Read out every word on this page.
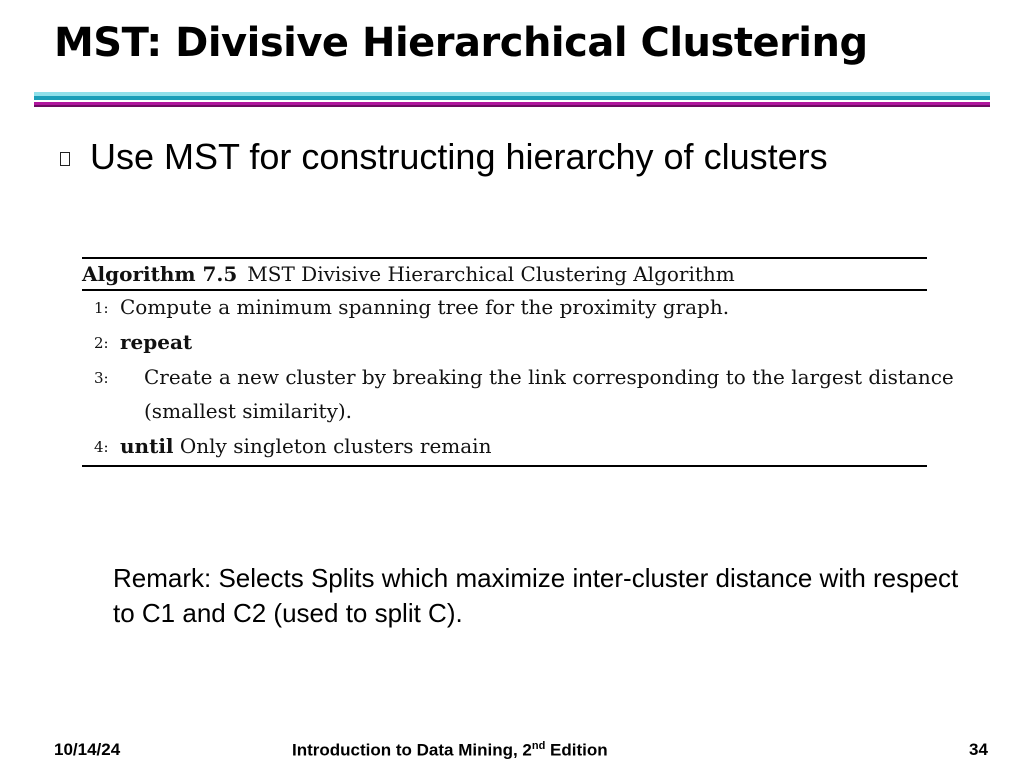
MST: Divisive Hierarchical Clustering
Use MST for constructing hierarchy of clusters
Algorithm 7.5 MST Divisive Hierarchical Clustering Algorithm
1: Compute a minimum spanning tree for the proximity graph.
2: repeat
3: Create a new cluster by breaking the link corresponding to the largest distance
(smallest similarity).
4: until Only singleton clusters remain
Remark: Selects Splits which maximize inter-cluster distance with respect to C1 and C2 (used to split C).
10/14/24	Introduction to Data Mining, 2nd Edition	34
